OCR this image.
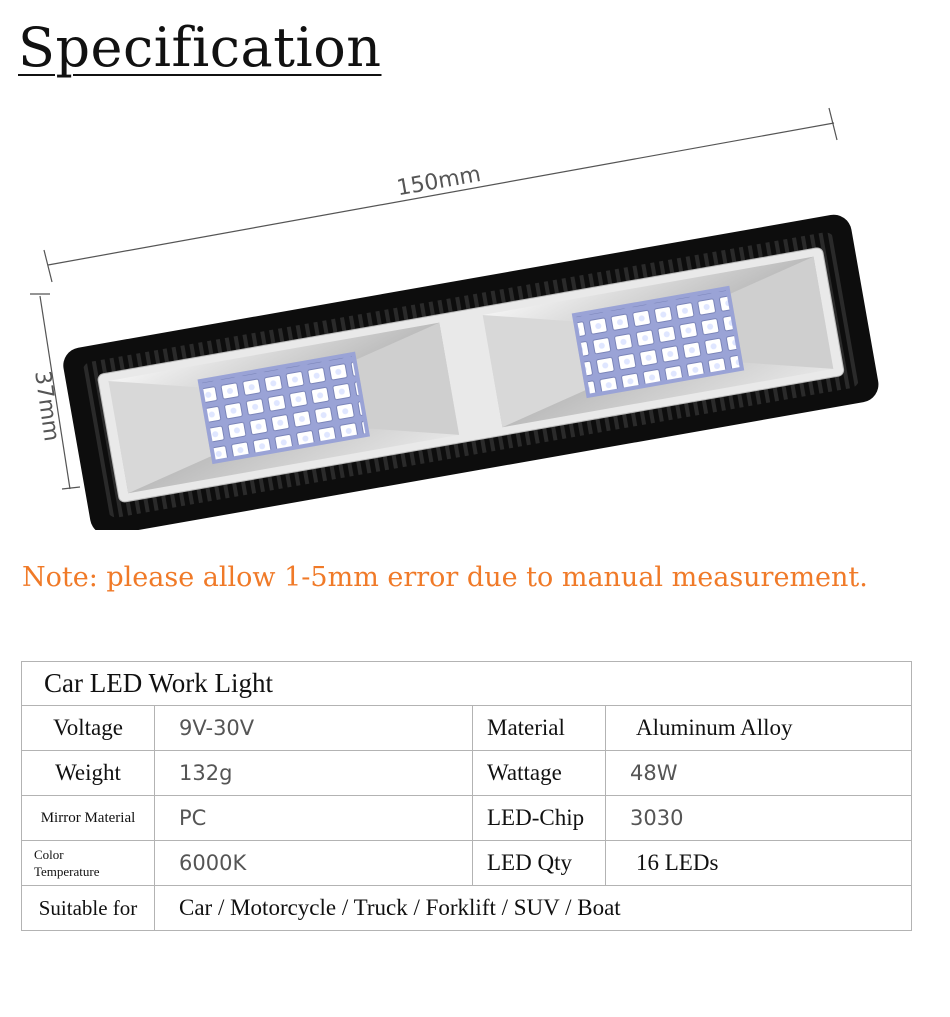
Specification
150mm
37mm
Note: please allow 1-5mm error due to manual measurement.
Car LED Work Light			
Voltage	9V-30V	Material	Aluminum Alloy
Weight	132g	Wattage	48W
Mirror Material	PC	LED-Chip	3030

Color
Temperature	6000K	LED Qty	16 LEDs
Suitable for	Car / Motorcycle / Truck / Forklift / SUV / Boat		
